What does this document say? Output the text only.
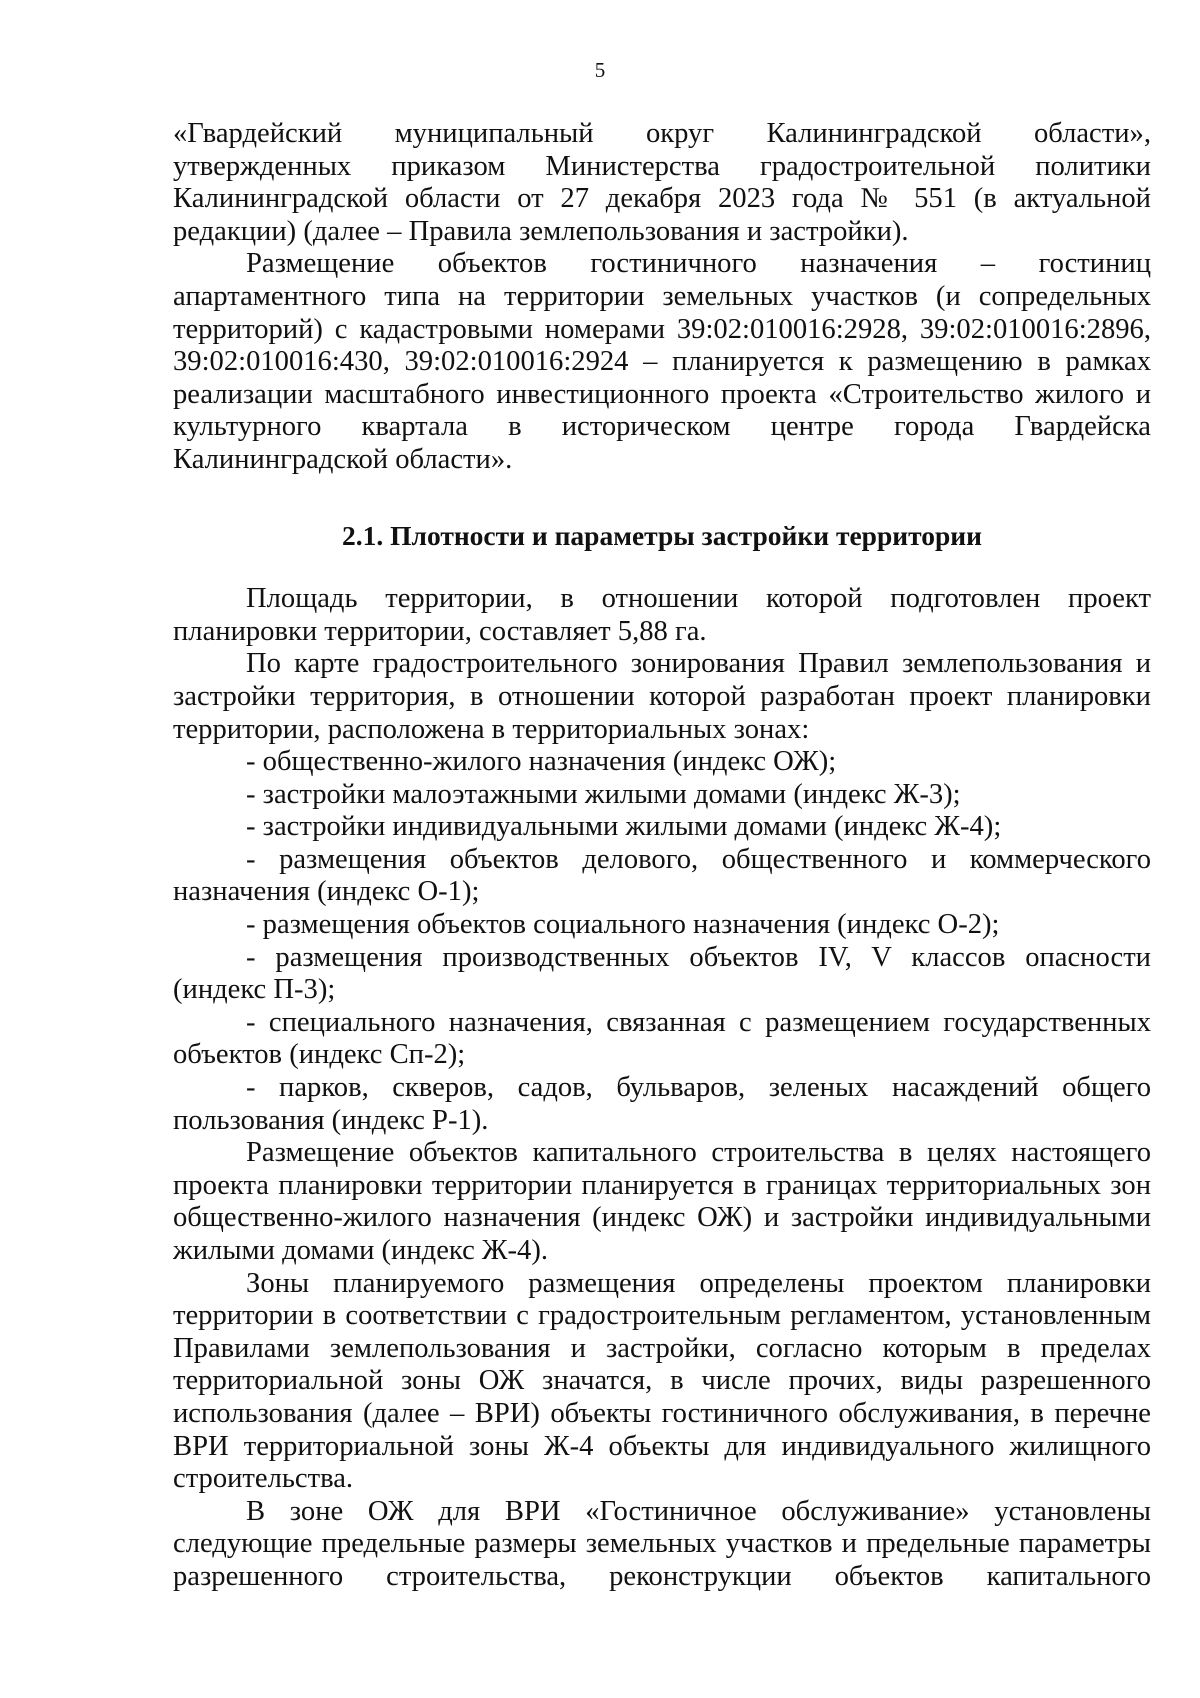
5

«Гвардейский муниципальный округ Калининградской области», утвержденных приказом Министерства градостроительной политики Калининградской области от 27 декабря 2023 года № 551 (в актуальной редакции) (далее – Правила землепользования и застройки).

Размещение объектов гостиничного назначения – гостиниц апартаментного типа на территории земельных участков (и сопредельных территорий) с кадастровыми номерами 39:02:010016:2928, 39:02:010016:2896, 39:02:010016:430, 39:02:010016:2924 – планируется к размещению в рамках реализации масштабного инвестиционного проекта «Строительство жилого и культурного квартала в историческом центре города Гвардейска Калининградской области».

2.1. Плотности и параметры застройки территории

Площадь территории, в отношении которой подготовлен проект планировки территории, составляет 5,88 га.

По карте градостроительного зонирования Правил землепользования и застройки территория, в отношении которой разработан проект планировки территории, расположена в территориальных зонах:

- общественно-жилого назначения (индекс ОЖ);
- застройки малоэтажными жилыми домами (индекс Ж-3);
- застройки индивидуальными жилыми домами (индекс Ж-4);
- размещения объектов делового, общественного и коммерческого назначения (индекс О-1);
- размещения объектов социального назначения (индекс О-2);
- размещения производственных объектов IV, V классов опасности (индекс П-3);
- специального назначения, связанная с размещением государственных объектов (индекс Сп-2);
- парков, скверов, садов, бульваров, зеленых насаждений общего пользования (индекс Р-1).

Размещение объектов капитального строительства в целях настоящего проекта планировки территории планируется в границах территориальных зон общественно-жилого назначения (индекс ОЖ) и застройки индивидуальными жилыми домами (индекс Ж-4).

Зоны планируемого размещения определены проектом планировки территории в соответствии с градостроительным регламентом, установленным Правилами землепользования и застройки, согласно которым в пределах территориальной зоны ОЖ значатся, в числе прочих, виды разрешенного использования (далее – ВРИ) объекты гостиничного обслуживания, в перечне ВРИ территориальной зоны Ж-4 объекты для индивидуального жилищного строительства.

В зоне ОЖ для ВРИ «Гостиничное обслуживание» установлены следующие предельные размеры земельных участков и предельные параметры разрешенного строительства, реконструкции объектов капитального
